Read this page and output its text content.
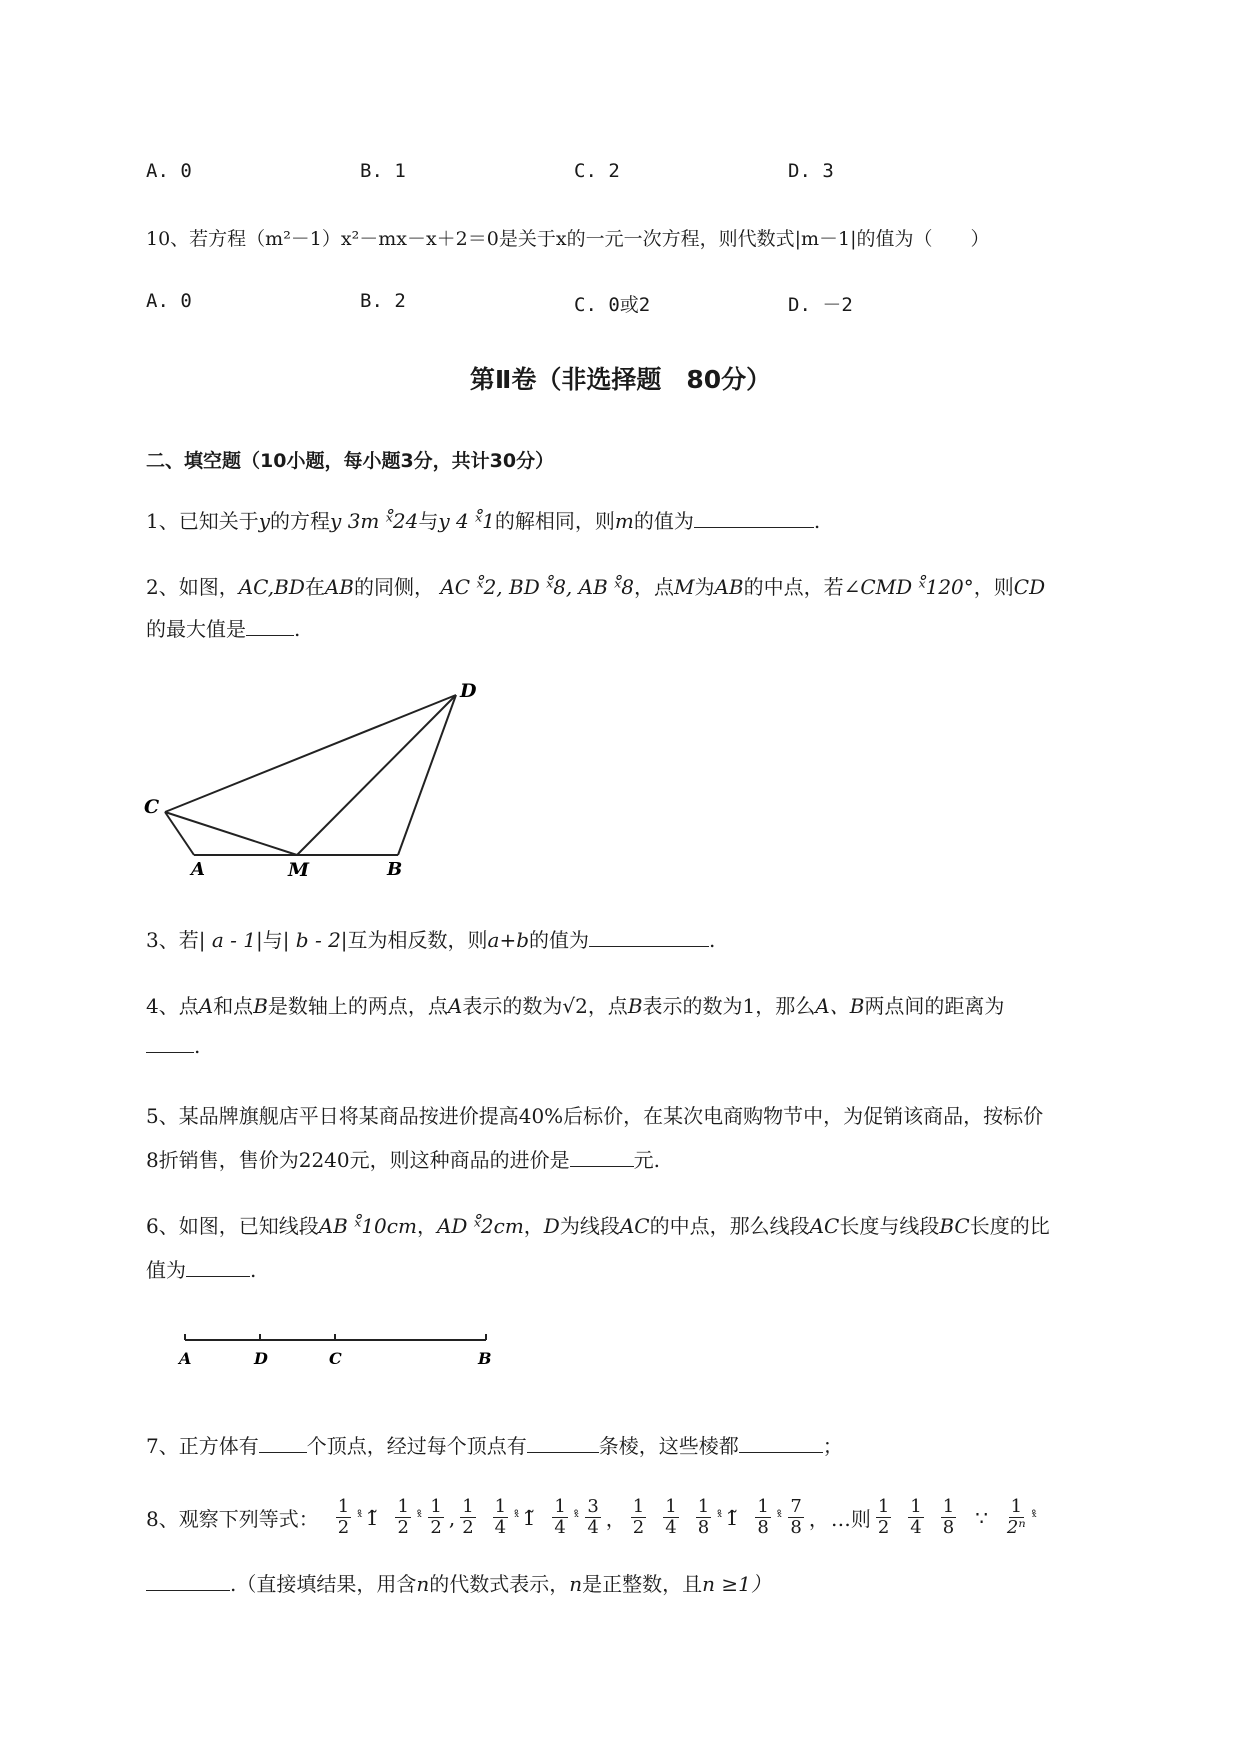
A. 0	B. 1	C. 2	D. 3
10、若方程（m²－1）x²－mx－x＋2＝0是关于x的一元一次方程，则代数式|m－1|的值为（　　）
A. 0	B. 2	C. 0或2	D. －2
第Ⅱ卷（非选择题　80分）
二、填空题（10小题，每小题3分，共计30分）
1、已知关于y的方程y 3m ˣ̊24与y 4 ˣ̊1的解相同，则m的值为	.
2、如图，AC,BD在AB的同侧， AC ˣ̊2, BD ˣ̊8, AB ˣ̊8，点M为AB的中点，若∠CMD ˣ̊120°，则CD
的最大值是 .
D
C
A	M	B
3、若| a - 1|与| b - 2|互为相反数，则a+b的值为	.
4、点A和点B是数轴上的两点，点A表示的数为√2，点B表示的数为1，那么A、B两点间的距离为
.
5、某品牌旗舰店平日将某商品按进价提高40%后标价，在某次电商购物节中，为促销该商品，按标价
8折销售，售价为2240元，则这种商品的进价是	元.
6、如图，已知线段AB ˣ̊10cm，AD ˣ̊2cm，D为线段AC的中点，那么线段AC长度与线段BC长度的比
值为	.
A	D	C	B
7、正方体有 个顶点，经过每个顶点有	条棱，这些棱都	；
8、观察下列等式： $\frac{1}{2}$ ˣ̊ 1̃ $\frac{1}{2}$ ˣ̊ $\frac{1}{2}$ , $\frac{1}{2} \frac{1}{4}$ ˣ̊ 1̃ $\frac{1}{4}$ ˣ̊ $\frac{3}{4}$ ， $\frac{1}{2} \frac{1}{4} \frac{1}{8}$ ˣ̊ 1̃ $\frac{1}{8}$ ˣ̊ $\frac{7}{8}$ ， …则 $\frac{1}{2} \frac{1}{4} \frac{1}{8}$ ∵ $\frac{1}{\text{2ⁿ}}$ ˣ̊
.（直接填结果，用含n的代数式表示，n是正整数，且n ≥1）
